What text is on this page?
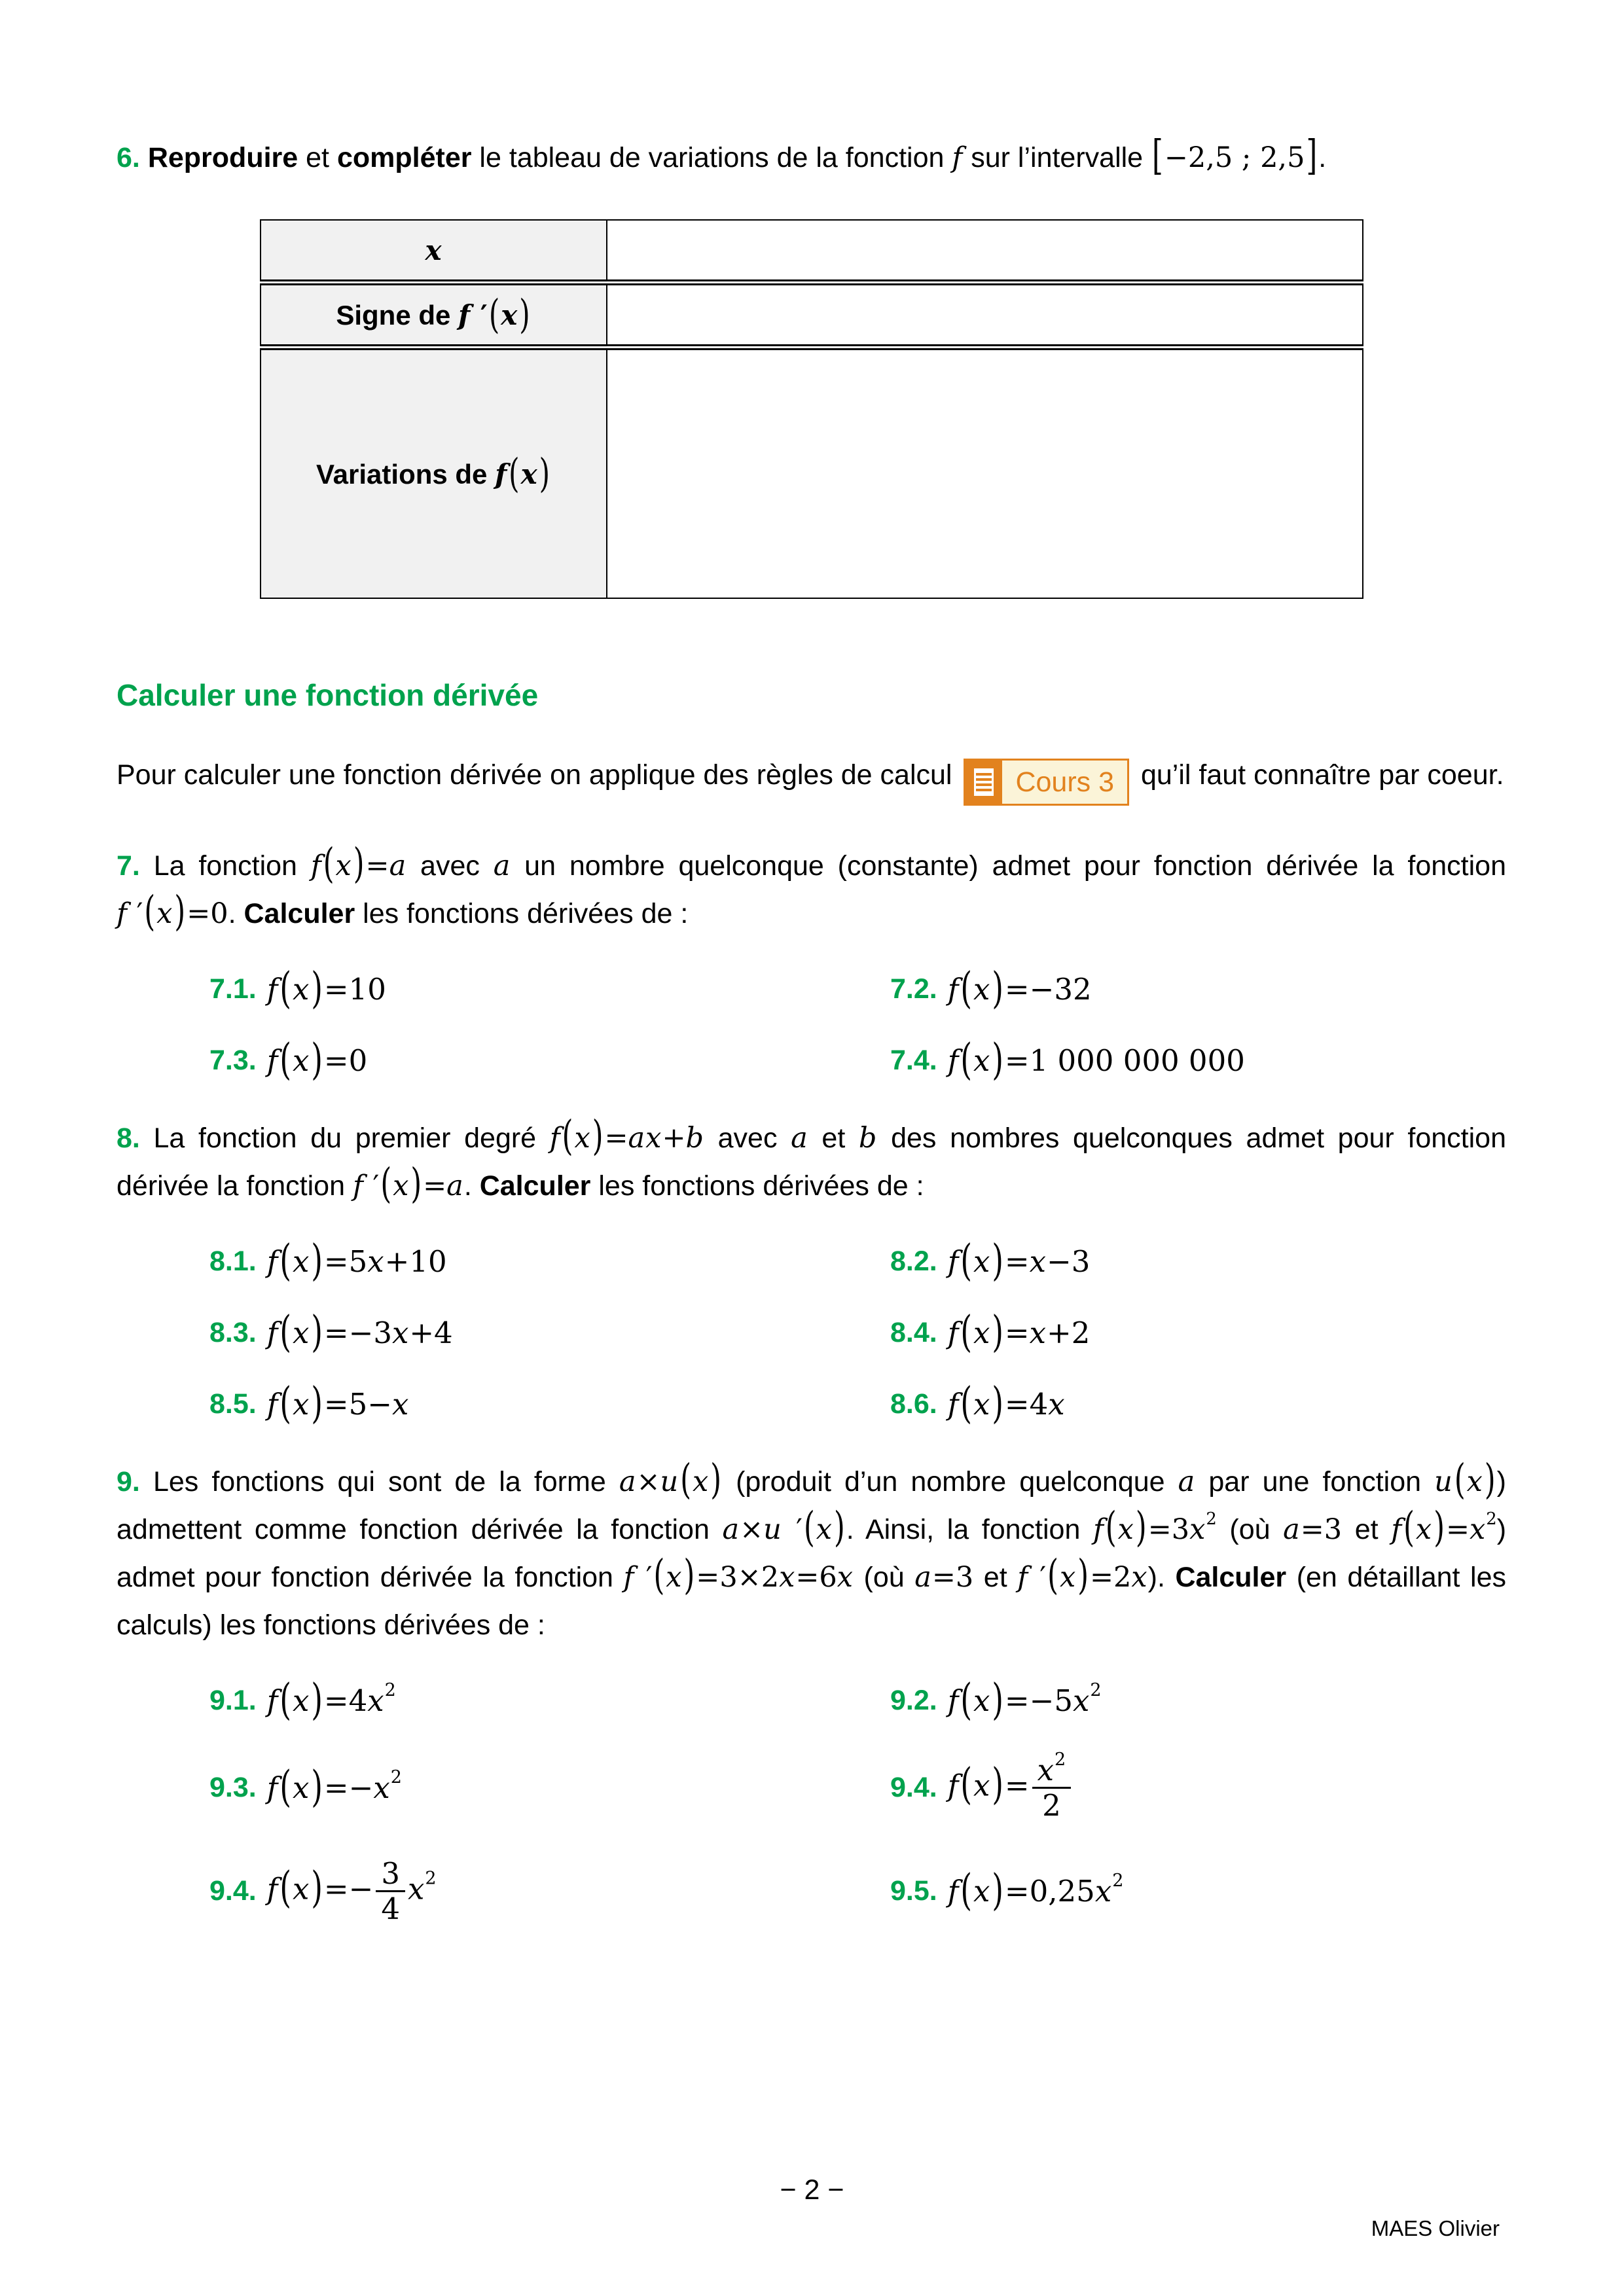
6. Reproduire et compléter le tableau de variations de la fonction f sur l’intervalle [−2,5 ; 2,5].

x	
Signe de f ′(x)	
Variations de f(x)	
Calculer une fonction dérivée

Pour calculer une fonction dérivée on applique des règles de calcul	Cours 3 qu’il faut connaître par coeur.

7. La fonction f(x)=a avec a un nombre quelconque (constante) admet pour fonction dérivée la fonction f ′(x)=0. Calculer les fonctions dérivées de :

7.1. f(x)=10	7.2. f(x)=−32
7.3. f(x)=0	7.4. f(x)=1 000 000 000

8. La fonction du premier degré f(x)=ax+b avec a et b des nombres quelconques admet pour fonction dérivée la fonction f ′(x)=a. Calculer les fonctions dérivées de :

8.1. f(x)=5x+10	8.2. f(x)=x−3
8.3. f(x)=−3x+4	8.4. f(x)=x+2
8.5. f(x)=5−x	8.6. f(x)=4x

9. Les fonctions qui sont de la forme a×u(x) (produit d’un nombre quelconque a par une fonction u(x)) admettent comme fonction dérivée la fonction a×u ′(x). Ainsi, la fonction $f(x)=3x^2$ (où a=3 et $f(x)=x^2$) admet pour fonction dérivée la fonction f ′(x)=3×2x=6x (où a=3 et f ′(x)=2x). Calculer (en détaillant les calculs) les fonctions dérivées de :

9.1. $f(x)=4x^2$	9.2. $f(x)=-5x^2$
9.3. $f(x)=-x^2$	9.4. $f(x)= \frac{x^2}{2}$
9.4. $f(x)=- \frac{3}{4} x^2$	9.5. $f(x)=0,25x^2$
− 2 −
MAES Olivier
